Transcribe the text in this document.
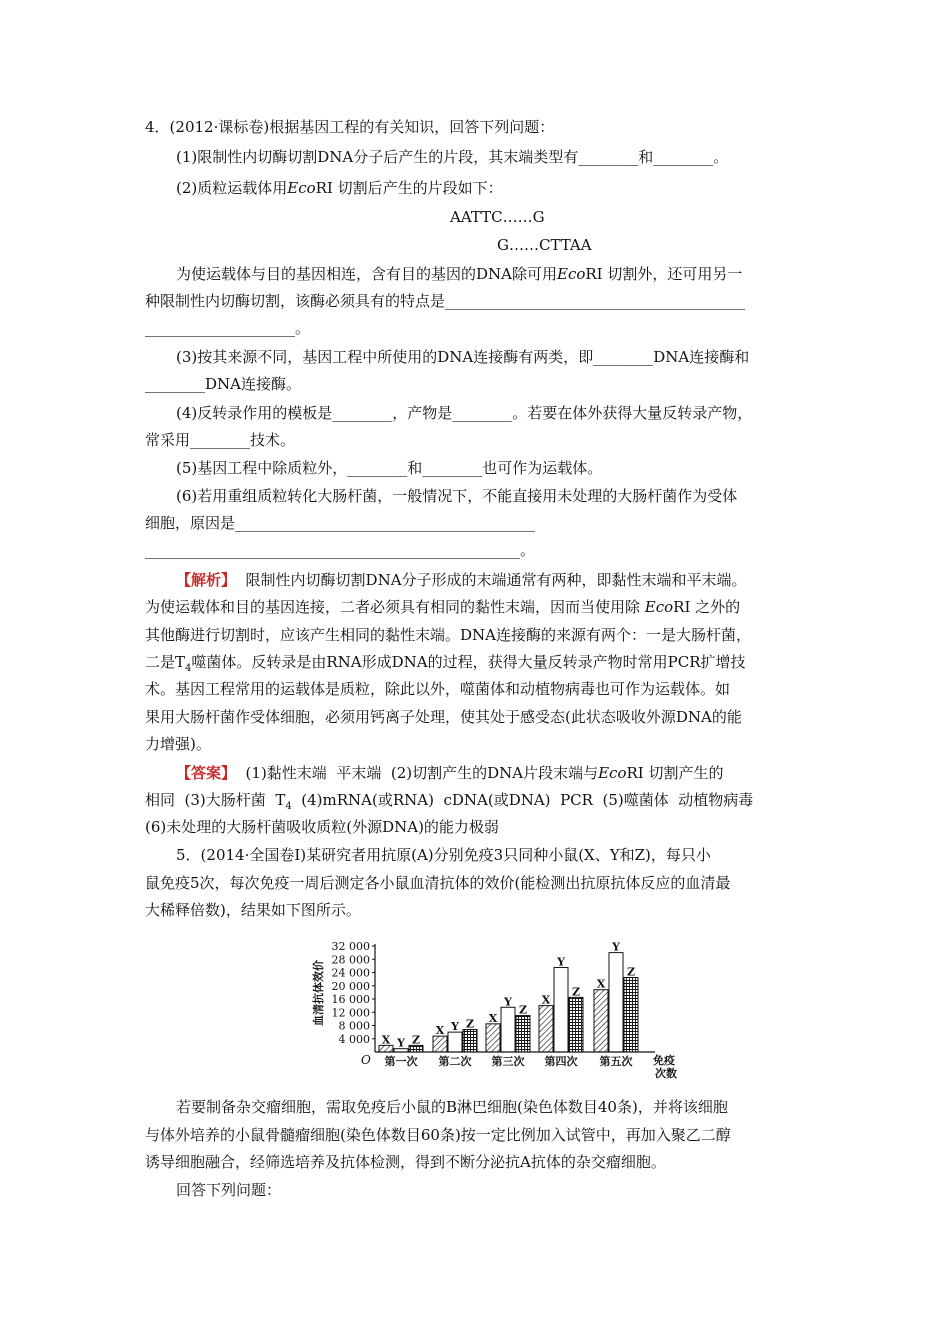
4．(2012·课标卷)根据基因工程的有关知识，回答下列问题：
(1)限制性内切酶切割DNA分子后产生的片段，其末端类型有________和________。
(2)质粒运载体用EcoRⅠ 切割后产生的片段如下：
AATTC……G
G……CTTAA
为使运载体与目的基因相连，含有目的基因的DNA除可用EcoRⅠ 切割外，还可用另一
种限制性内切酶切割，该酶必须具有的特点是________________________________________
____________________。
(3)按其来源不同，基因工程中所使用的DNA连接酶有两类，即________DNA连接酶和
________DNA连接酶。
(4)反转录作用的模板是________，产物是________。若要在体外获得大量反转录产物，
常采用________技术。
(5)基因工程中除质粒外，________和________也可作为运载体。
(6)若用重组质粒转化大肠杆菌，一般情况下，不能直接用未处理的大肠杆菌作为受体
细胞，原因是________________________________________
__________________________________________________。
【解析】  限制性内切酶切割DNA分子形成的末端通常有两种，即黏性末端和平末端。
为使运载体和目的基因连接，二者必须具有相同的黏性末端，因而当使用除 EcoRⅠ 之外的
其他酶进行切割时，应该产生相同的黏性末端。DNA连接酶的来源有两个：一是大肠杆菌，
二是$T_4$噬菌体。反转录是由RNA形成DNA的过程，获得大量反转录产物时常用PCR扩增技
术。基因工程常用的运载体是质粒，除此以外，噬菌体和动植物病毒也可作为运载体。如
果用大肠杆菌作受体细胞，必须用钙离子处理，使其处于感受态(此状态吸收外源DNA的能
力增强)。
【答案】  (1)黏性末端  平末端  (2)切割产生的DNA片段末端与EcoRⅠ 切割产生的
相同  (3)大肠杆菌  $T_4$  (4)mRNA(或RNA)  cDNA(或DNA)  PCR  (5)噬菌体  动植物病毒
(6)未处理的大肠杆菌吸收质粒(外源DNA)的能力极弱
5．(2014·全国卷Ⅰ)某研究者用抗原(A)分别免疫3只同种小鼠(X、Y和Z)，每只小
鼠免疫5次，每次免疫一周后测定各小鼠血清抗体的效价(能检测出抗原抗体反应的血清最
大稀释倍数)，结果如下图所示。
血清抗体效价
4 000
8 000
12 000
16 000
20 000
24 000
28 000
32 000
X Y Z
X Y Z X
Y
Z
X
Y
Z
X
Y
Z
第一次 第二次 第三次 第四次 第五次
O	免疫
次数
若要制备杂交瘤细胞，需取免疫后小鼠的B淋巴细胞(染色体数目40条)，并将该细胞
与体外培养的小鼠骨髓瘤细胞(染色体数目60条)按一定比例加入试管中，再加入聚乙二醇
诱导细胞融合，经筛选培养及抗体检测，得到不断分泌抗A抗体的杂交瘤细胞。
回答下列问题：
